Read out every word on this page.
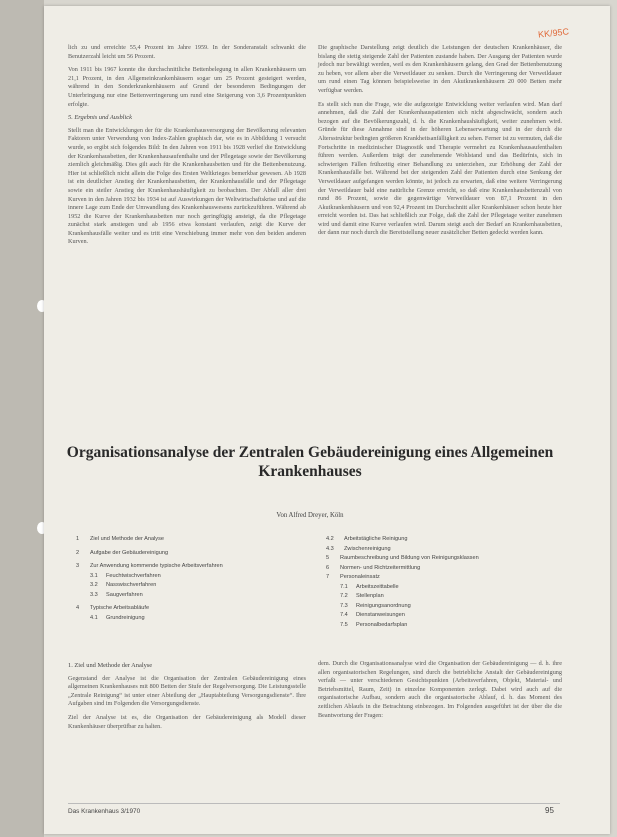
KK/95C

lich zu und erreichte 55,4 Prozent im Jahre 1959. In der Sonderanstalt schwankt die Benutzerzahl leicht um 56 Prozent.

Von 1911 bis 1967 konnte die durchschnittliche Bettenbelegung in allen Krankenhäusern um 21,1 Prozent, in den Allgemeinkrankenhäusern sogar um 25 Prozent gesteigert werden, während in den Sonderkrankenhäusern auf Grund der besonderen Bedingungen der Unterbringung nur eine Bettenverringerung um rund eine Steigerung von 3,6 Prozentpunkten erfolgte.

5. Ergebnis und Ausblick

Stellt man die Entwicklungen der für die Krankenhausversorgung der Bevölkerung relevanten Faktoren unter Verwendung von Index-Zahlen graphisch dar, wie es in Abbildung 1 versucht wurde, so ergibt sich folgendes Bild: In den Jahren von 1911 bis 1928 verlief die Entwicklung der Krankenhausbetten, der Krankenhausaufenthalte und der Pflegetage sowie der Bevölkerung ziemlich gleichmäßig. Dies gilt auch für die Krankenhausbetten und für die Bettenbenutzung. Hier ist schließlich nicht allein die Folge des Ersten Weltkrieges bemerkbar gewesen. Ab 1928 ist ein deutlicher Anstieg der Krankenhausbetten, der Krankenhausfälle und der Pflegetage sowie ein steiler Anstieg der Krankenhaushäufigkeit zu beobachten. Der Abfall aller drei Kurven in den Jahren 1932 bis 1934 ist auf Auswirkungen der Weltwirtschaftskrise und auf die innere Lage zum Ende der Umwandlung des Krankenhauswesens zurückzuführen. Während ab 1952 die Kurve der Krankenhausbetten nur noch geringfügig ansteigt, da die Pflegetage zunächst stark anstiegen und ab 1956 etwa konstant verlaufen, zeigt die Kurve der Krankenhausfälle weiter und es tritt eine Verschiebung immer mehr von den beiden anderen Kurven.

Die graphische Darstellung zeigt deutlich die Leistungen der deutschen Krankenhäuser, die bislang die stetig steigende Zahl der Patienten zustande haben. Der Ausgang der Patienten wurde jedoch nur bewältigt werden, weil es den Krankenhäusern gelang, den Grad der Bettenbenutzung zu heben, vor allem aber die Verweildauer zu senken. Durch die Verringerung der Verweildauer um rund einen Tag können beispielsweise in den Akutkrankenhäusern 20 000 Betten mehr verfügbar werden.

Es stellt sich nun die Frage, wie die aufgezeigte Entwicklung weiter verlaufen wird. Man darf annehmen, daß die Zahl der Krankenhauspatienten sich nicht abgeschwächt, sondern auch bezogen auf die Bevölkerungszahl, d. h. die Krankenhaushäufigkeit, weiter zunehmen wird. Gründe für diese Annahme sind in der höheren Lebenserwartung und in der durch die Altersstruktur bedingten größeren Krankheitsanfälligkeit zu sehen. Ferner ist zu vermuten, daß die Fortschritte in medizinischer Diagnostik und Therapie vermehrt zu Krankenhausaufenthalten führen werden. Außerdem trägt der zunehmende Wohlstand und das Bedürfnis, sich in schwierigen Fällen frühzeitig einer Behandlung zu unterziehen, zur Erhöhung der Zahl der Krankenhausfälle bei. Während bei der steigenden Zahl der Patienten durch eine Senkung der Verweildauer aufgefangen werden könnte, ist jedoch zu erwarten, daß eine weitere Verringerung der Verweildauer bald eine natürliche Grenze erreicht, so daß eine Krankenhausbettenzahl von rund 86 Prozent, sowie die gegenwärtige Verweildauer von 87,1 Prozent in den Akutkrankenhäusern und von 92,4 Prozent im Durchschnitt aller Krankenhäuser schon heute hier erreicht worden ist. Das hat schließlich zur Folge, daß die Zahl der Pflegetage weiter zunehmen wird und damit eine Kurve verlaufen wird. Darum steigt auch der Bedarf an Krankenhausbetten, der dann nur noch durch die Bereitstellung neuer zusätzlicher Betten gedeckt werden kann.

Organisationsanalyse der Zentralen Gebäudereinigung eines Allgemeinen Krankenhauses
Von Alfred Dreyer, Köln
1	Ziel und Methode der Analyse
2	Aufgabe der Gebäudereinigung
3	Zur Anwendung kommende typische Arbeitsverfahren
3.1	Feuchtwischverfahren
3.2	Nasswischverfahren
3.3	Saugverfahren
4	Typische Arbeitsabläufe
4.1	Grundreinigung
4.2	Arbeitstägliche Reinigung
4.3	Zwischenreinigung
5	Raumbeschreibung und Bildung von Reinigungsklassen
6	Normen- und Richtzeitermittlung
7	Personaleinsatz
7.1	Arbeitszeittabelle
7.2	Stellenplan
7.3	Reinigungsanordnung
7.4	Dienstanweisungen
7.5	Personalbedarfsplan
1. Ziel und Methode der Analyse

Gegenstand der Analyse ist die Organisation der Zentralen Gebäudereinigung eines allgemeinen Krankenhauses mit 800 Betten der Stufe der Regelversorgung. Die Leistungsstelle „Zentrale Reinigung“ ist unter einer Abteilung der „Hauptabteilung Versorgungsdienste“. Ihre Aufgaben sind im Folgenden die Versorgungsdienste.

Ziel der Analyse ist es, die Organisation der Gebäudereinigung als Modell dieser Krankenhäuser überprüfbar zu halten.

dem. Durch die Organisationsanalyse wird die Organisation der Gebäudereinigung — d. h. ihre allen organisatorischen Regelungen, sind durch die betriebliche Anstalt der Gebäudereinigung verfaßt — unter verschiedenen Gesichtspunkten (Arbeitsverfahren, Objekt, Material- und Betriebsmittel, Raum, Zeit) in einzelne Komponenten zerlegt. Dabei wird auch auf die organisatorische Aufbau, sondern auch die organisatorische Ablauf, d. h. das Moment des zeitlichen Ablaufs in die Betrachtung einbezogen. Im Folgenden ausgeführt ist der über die die Beantwortung der Fragen:

Das Krankenhaus 3/1970	95
